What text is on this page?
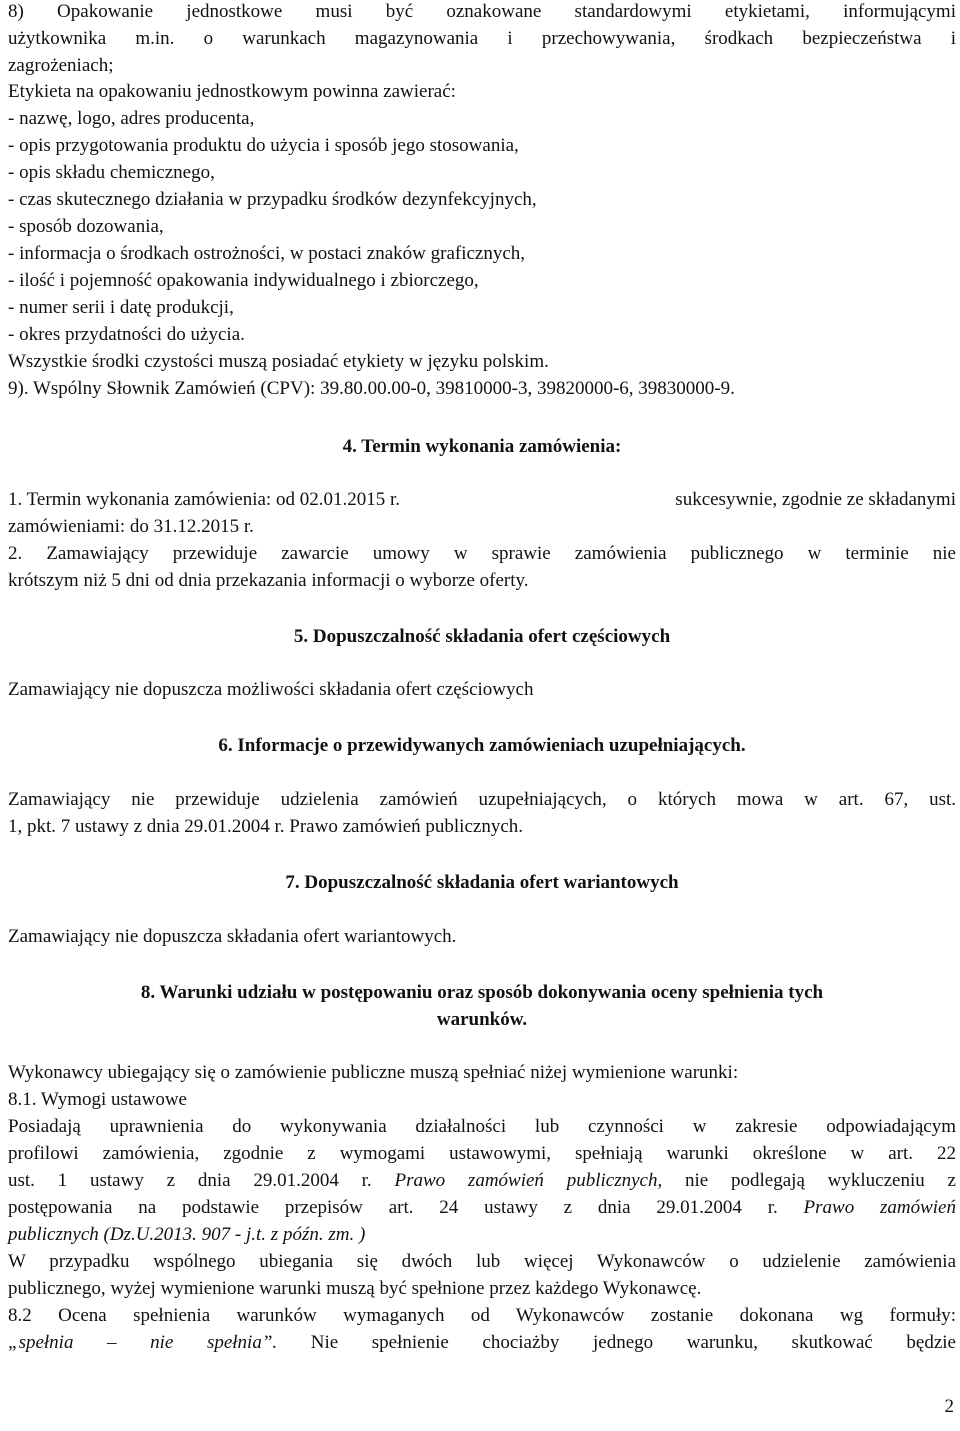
8) Opakowanie jednostkowe musi być oznakowane standardowymi etykietami, informującymi
użytkownika m.in. o warunkach magazynowania i przechowywania, środkach bezpieczeństwa i
zagrożeniach;
Etykieta na opakowaniu jednostkowym powinna zawierać:
- nazwę, logo, adres producenta,
- opis przygotowania produktu do użycia i sposób jego stosowania,
- opis składu chemicznego,
- czas skutecznego działania w przypadku środków dezynfekcyjnych,
- sposób dozowania,
- informacja o środkach ostrożności, w postaci znaków graficznych,
- ilość i pojemność opakowania indywidualnego i zbiorczego,
- numer serii i datę produkcji,
- okres przydatności do użycia.
Wszystkie środki czystości muszą posiadać etykiety w języku polskim.
9). Wspólny Słownik Zamówień (CPV): 39.80.00.00-0, 39810000-3, 39820000-6, 39830000-9.
4. Termin wykonania zamówienia:
1. Termin wykonania zamówienia: od 02.01.2015 r.	sukcesywnie, zgodnie ze składanymi
zamówieniami: do 31.12.2015 r.
2. Zamawiający przewiduje zawarcie umowy w sprawie zamówienia publicznego w terminie nie
krótszym niż 5 dni od dnia przekazania informacji o wyborze oferty.
5. Dopuszczalność składania ofert częściowych
Zamawiający nie dopuszcza możliwości składania ofert częściowych
6. Informacje o przewidywanych zamówieniach uzupełniających.
Zamawiający nie przewiduje udzielenia zamówień uzupełniających, o których mowa w art. 67, ust.
1, pkt. 7 ustawy z dnia 29.01.2004 r. Prawo zamówień publicznych.
7. Dopuszczalność składania ofert wariantowych
Zamawiający nie dopuszcza składania ofert wariantowych.
8. Warunki udziału w postępowaniu oraz sposób dokonywania oceny spełnienia tych
warunków.
Wykonawcy ubiegający się o zamówienie publiczne muszą spełniać niżej wymienione warunki:
8.1. Wymogi ustawowe
Posiadają uprawnienia do wykonywania działalności lub czynności w zakresie odpowiadającym
profilowi zamówienia, zgodnie z wymogami ustawowymi, spełniają warunki określone w art. 22
ust. 1 ustawy z dnia 29.01.2004 r. Prawo zamówień publicznych, nie podlegają wykluczeniu z
postępowania na podstawie przepisów art. 24 ustawy z dnia 29.01.2004 r. Prawo zamówień
publicznych (Dz.U.2013. 907 - j.t. z późn. zm. )
W przypadku wspólnego ubiegania się dwóch lub więcej Wykonawców o udzielenie zamówienia
publicznego, wyżej wymienione warunki muszą być spełnione przez każdego Wykonawcę.
8.2 Ocena spełnienia warunków wymaganych od Wykonawców zostanie dokonana wg formuły:
„spełnia – nie spełnia”. Nie spełnienie chociażby jednego warunku, skutkować będzie
2
